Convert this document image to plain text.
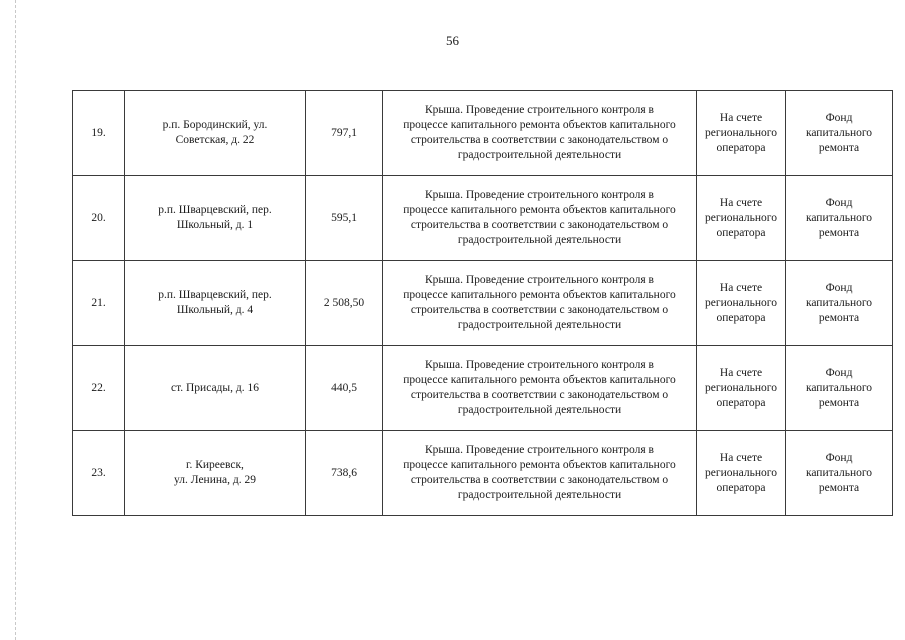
56
19.	р.п. Бородинский, ул.
Советская, д. 22	797,1	Крыша. Проведение строительного контроля в
процессе капитального ремонта объектов капитального
строительства в соответствии с законодательством о
градостроительной деятельности	На счете
регионального
оператора	Фонд
капитального
ремонта
20.	р.п. Шварцевский, пер.
Школьный, д. 1	595,1	Крыша. Проведение строительного контроля в
процессе капитального ремонта объектов капитального
строительства в соответствии с законодательством о
градостроительной деятельности	На счете
регионального
оператора	Фонд
капитального
ремонта
21.	р.п. Шварцевский, пер.
Школьный, д. 4	2 508,50	Крыша. Проведение строительного контроля в
процессе капитального ремонта объектов капитального
строительства в соответствии с законодательством о
градостроительной деятельности	На счете
регионального
оператора	Фонд
капитального
ремонта
22.	ст. Присады, д. 16	440,5	Крыша. Проведение строительного контроля в
процессе капитального ремонта объектов капитального
строительства в соответствии с законодательством о
градостроительной деятельности	На счете
регионального
оператора	Фонд
капитального
ремонта
23.	г. Киреевск,
ул. Ленина, д. 29	738,6	Крыша. Проведение строительного контроля в
процессе капитального ремонта объектов капитального
строительства в соответствии с законодательством о
градостроительной деятельности	На счете
регионального
оператора	Фонд
капитального
ремонта
